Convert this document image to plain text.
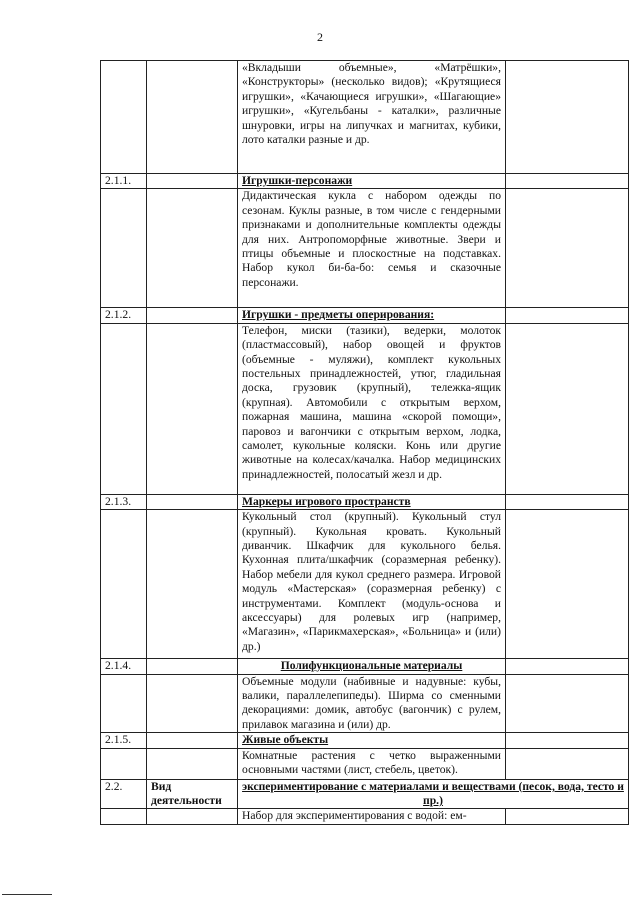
2
		«Вкладыши объемные», «Матрёшки», «Конструкторы» (несколько видов); «Крутящиеся игрушки», «Качающиеся игрушки», «Шагающие» игрушки», «Кугельбаны - каталки», различные шнуровки, игры на липучках и магнитах, кубики, лото каталки разные и др.	
2.1.1.		Игрушки-персонажи	
		Дидактическая кукла с набором одежды по сезонам. Куклы разные, в том числе с гендерными признаками и дополнительные комплекты одежды для них. Антропоморфные животные. Звери и птицы объемные и плоскостные на подставках. Набор кукол би-ба-бо: семья и сказочные персонажи.	
2.1.2.		Игрушки - предметы оперирования:	
		Телефон, миски (тазики), ведерки, молоток (пластмассовый), набор овощей и фруктов (объемные - муляжи), комплект кукольных постельных принадлежностей, утюг, гладильная доска, грузовик (крупный), тележка-ящик (крупная). Автомобили с открытым верхом, пожарная машина, машина «скорой помощи», паровоз и вагончики с открытым верхом, лодка, самолет, кукольные коляски. Конь или другие животные на колесах/качалка. Набор медицинских принадлежностей, полосатый жезл и др.	
2.1.3.		Маркеры игрового пространств	
		Кукольный стол (крупный). Кукольный стул (крупный). Кукольная кровать. Кукольный диванчик. Шкафчик для кукольного белья. Кухонная плита/шкафчик (соразмерная ребенку). Набор мебели для кукол среднего размера. Игровой модуль «Мастерская» (соразмерная ребенку) с инструментами. Комплект (модуль-основа и аксессуары) для ролевых игр (например, «Магазин», «Парикмахерская», «Больница» и (или) др.)	
2.1.4.		Полифункциональные материалы	
		Объемные модули (набивные и надувные: кубы, валики, параллелепипеды). Ширма со сменными декорациями: домик, автобус (вагончик) с рулем, прилавок магазина и (или) др.	
2.1.5.		Живые объекты	
		Комнатные растения с четко выраженными основными частями (лист, стебель, цветок).	
2.2.	Вид деятельности	экспериментирование с материалами и веществами (песок, вода, тесто и пр.)	
		Набор для экспериментирования с водой: ем-	
